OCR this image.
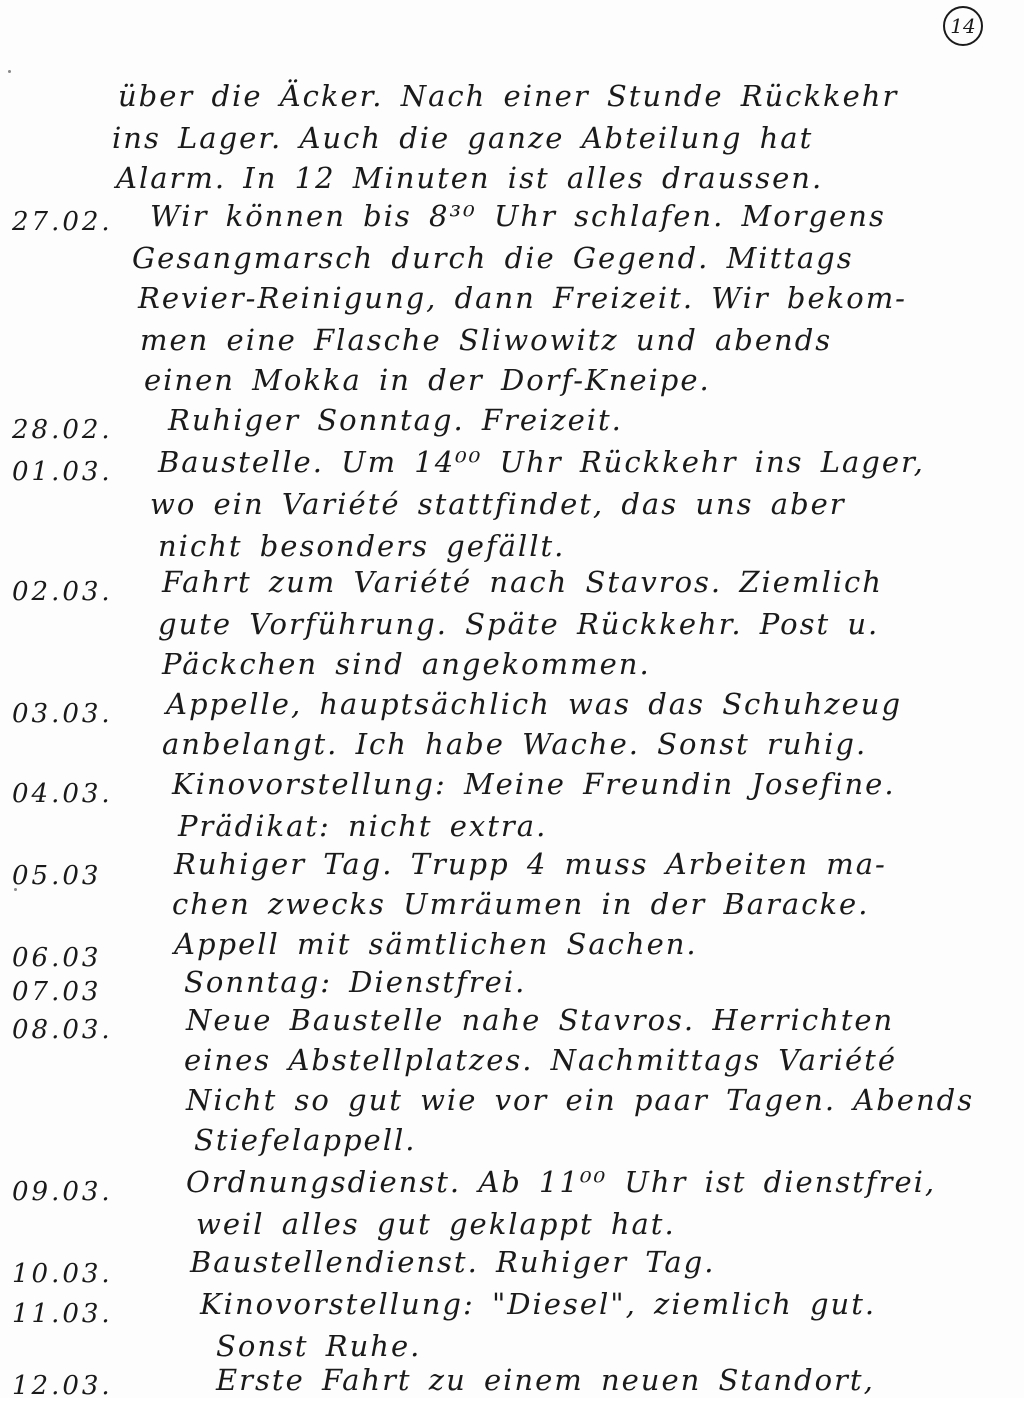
14
über die Äcker. Nach einer Stunde Rückkehr
ins Lager. Auch die ganze Abteilung hat
Alarm. In 12 Minuten ist alles draussen.
27.02. Wir können bis 8³⁰ Uhr schlafen. Morgens
Gesangmarsch durch die Gegend. Mittags
Revier-Reinigung, dann Freizeit. Wir bekom-
men eine Flasche Sliwowitz und abends
einen Mokka in der Dorf-Kneipe.
28.02. Ruhiger Sonntag. Freizeit.
01.03. Baustelle. Um 14⁰⁰ Uhr Rückkehr ins Lager,
wo ein Variété stattfindet, das uns aber
nicht besonders gefällt.
02.03. Fahrt zum Variété nach Stavros. Ziemlich
gute Vorführung. Späte Rückkehr. Post u.
Päckchen sind angekommen.
03.03. Appelle, hauptsächlich was das Schuhzeug
anbelangt. Ich habe Wache. Sonst ruhig.
04.03. Kinovorstellung: Meine Freundin Josefine.
Prädikat: nicht extra.
05.03	Ruhiger Tag. Trupp 4 muss Arbeiten ma-
chen zwecks Umräumen in der Baracke.
06.03	Appell mit sämtlichen Sachen.
07.03	Sonntag: Dienstfrei.
08.03.	Neue Baustelle nahe Stavros. Herrichten
eines Abstellplatzes. Nachmittags Variété
Nicht so gut wie vor ein paar Tagen. Abends
Stiefelappell.
09.03.	Ordnungsdienst. Ab 11⁰⁰ Uhr ist dienstfrei,
weil alles gut geklappt hat.
10.03.	Baustellendienst. Ruhiger Tag.
11.03.	Kinovorstellung: "Diesel", ziemlich gut.
Sonst Ruhe.
12.03.	Erste Fahrt zu einem neuen Standort,
